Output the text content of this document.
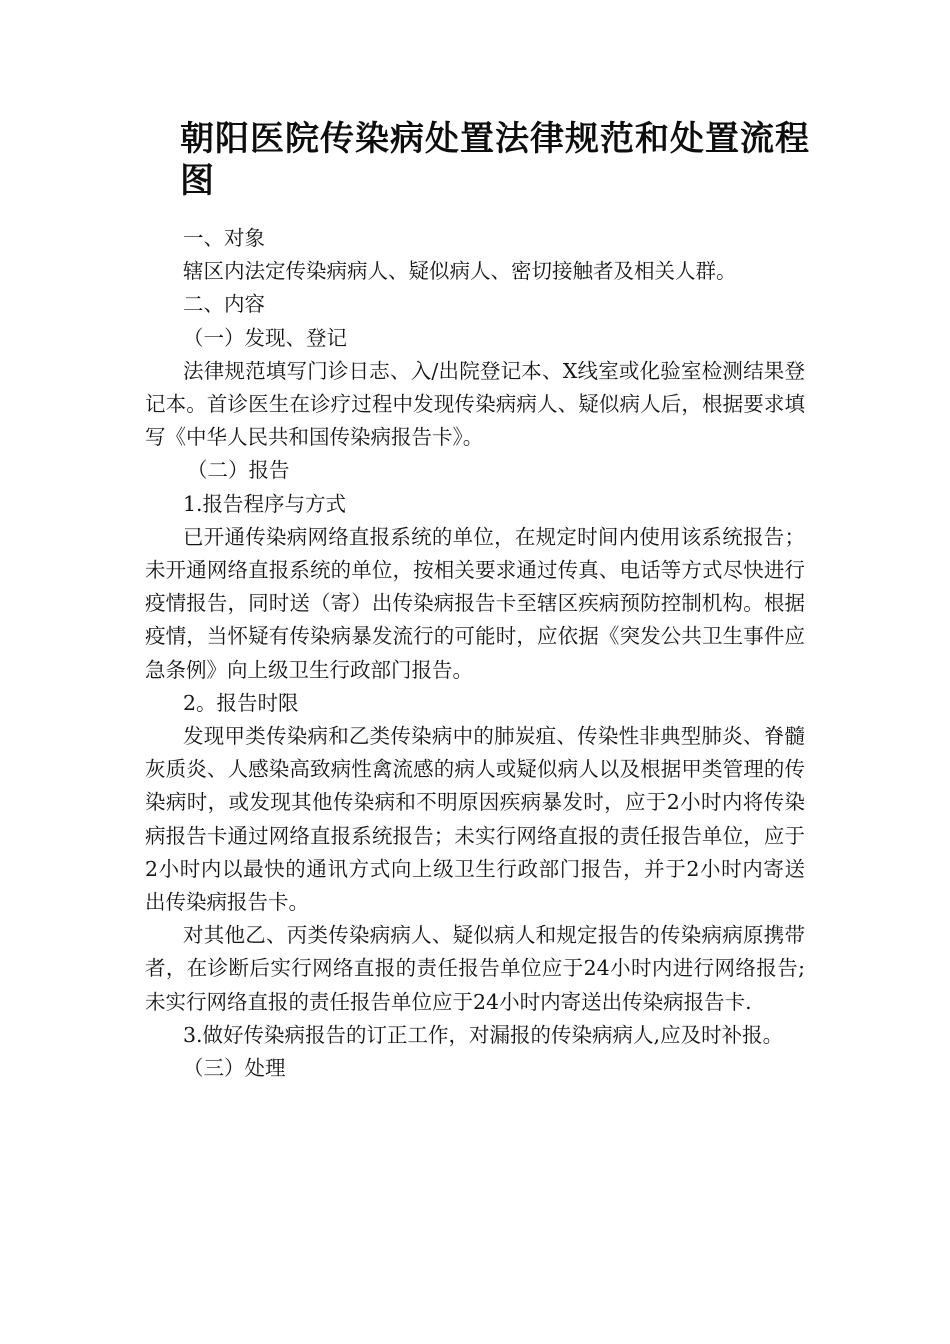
朝阳医院传染病处置法律规范和处置流程图

一、对象

辖区内法定传染病病人、疑似病人、密切接触者及相关人群。

二、内容

（一）发现、登记

法律规范填写门诊日志、入/出院登记本、X线室或化验室检测结果登记本。首诊医生在诊疗过程中发现传染病病人、疑似病人后，根据要求填写《中华人民共和国传染病报告卡》。

（二）报告

1.报告程序与方式

已开通传染病网络直报系统的单位，在规定时间内使用该系统报告；未开通网络直报系统的单位，按相关要求通过传真、电话等方式尽快进行疫情报告，同时送（寄）出传染病报告卡至辖区疾病预防控制机构。根据疫情，当怀疑有传染病暴发流行的可能时，应依据《突发公共卫生事件应急条例》向上级卫生行政部门报告。

2。报告时限

发现甲类传染病和乙类传染病中的肺炭疽、传染性非典型肺炎、脊髓灰质炎、人感染高致病性禽流感的病人或疑似病人以及根据甲类管理的传染病时，或发现其他传染病和不明原因疾病暴发时，应于2小时内将传染病报告卡通过网络直报系统报告；未实行网络直报的责任报告单位，应于2小时内以最快的通讯方式向上级卫生行政部门报告，并于2小时内寄送出传染病报告卡。

对其他乙、丙类传染病病人、疑似病人和规定报告的传染病病原携带者，在诊断后实行网络直报的责任报告单位应于24小时内进行网络报告;未实行网络直报的责任报告单位应于24小时内寄送出传染病报告卡.

3.做好传染病报告的订正工作，对漏报的传染病病人,应及时补报。

（三）处理
